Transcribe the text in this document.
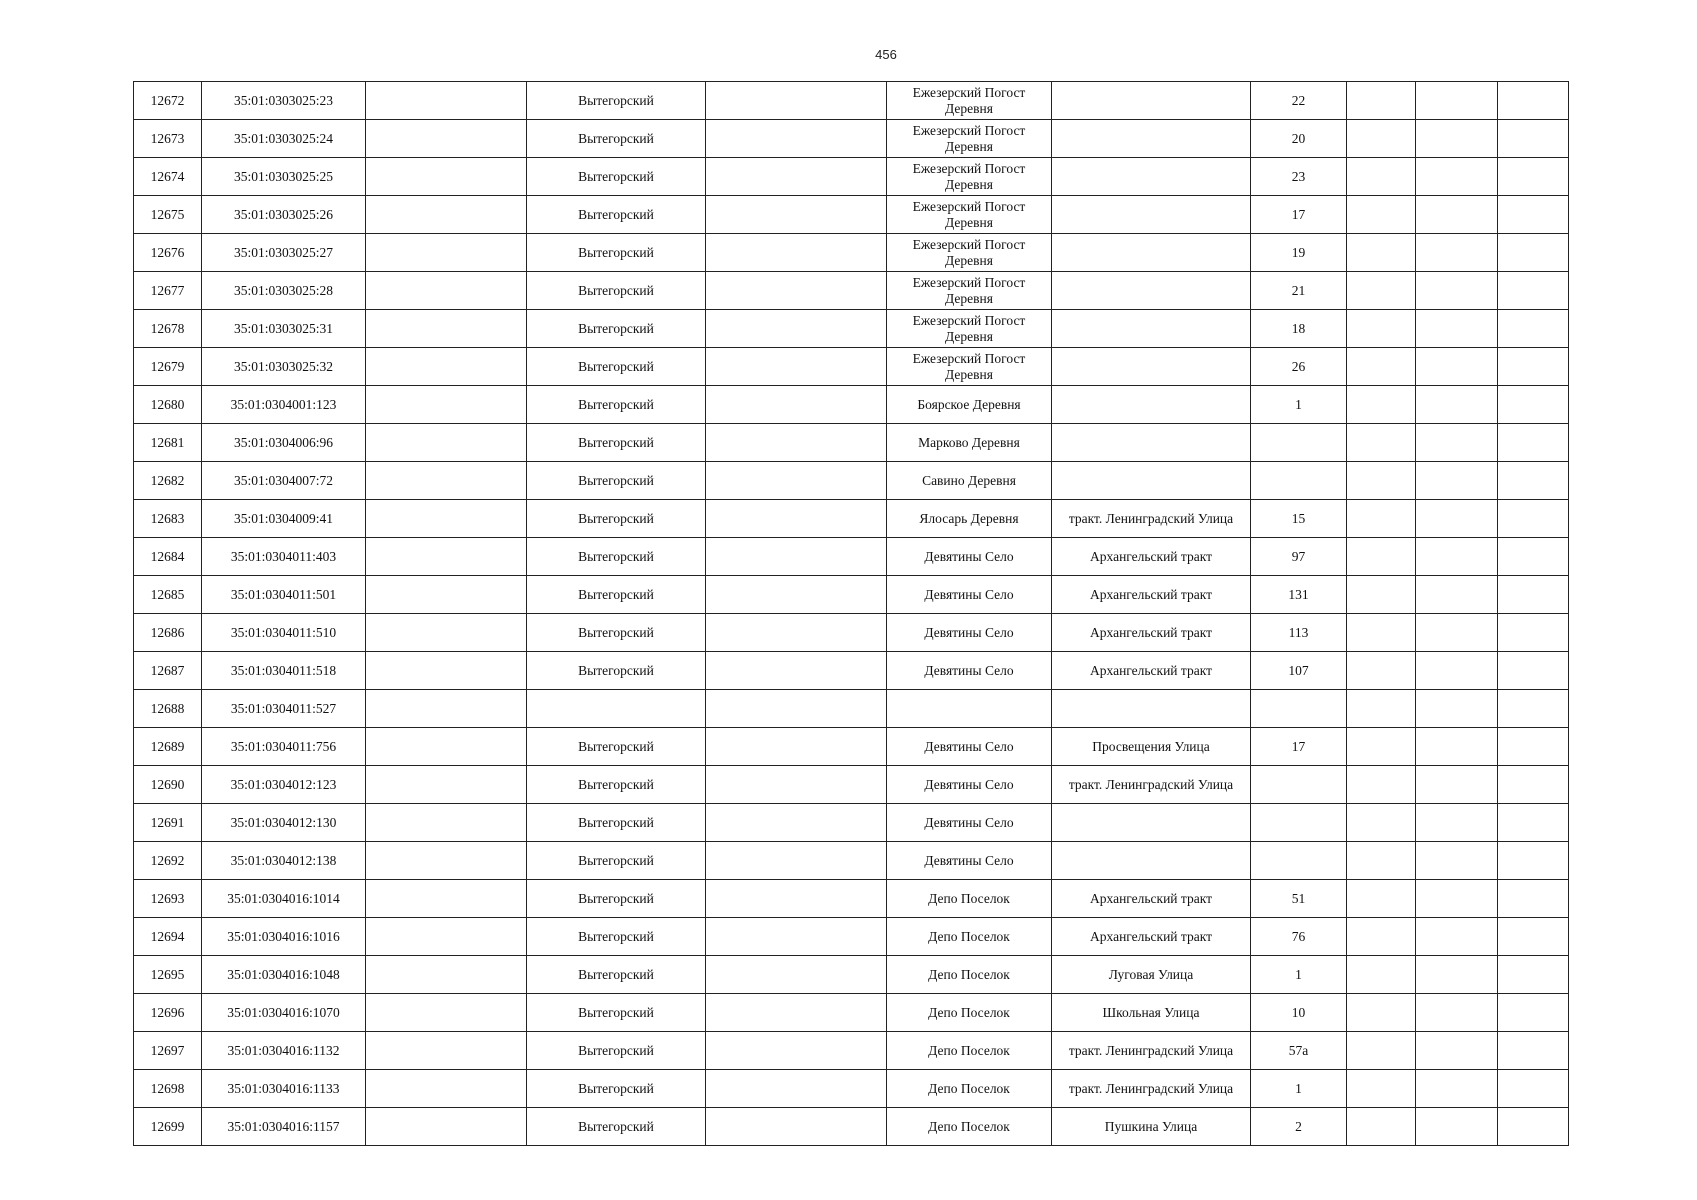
456
12672	35:01:0303025:23		Вытегорский		Ежезерский Погост Деревня		22			
12673	35:01:0303025:24		Вытегорский		Ежезерский Погост Деревня		20			
12674	35:01:0303025:25		Вытегорский		Ежезерский Погост Деревня		23			
12675	35:01:0303025:26		Вытегорский		Ежезерский Погост Деревня		17			
12676	35:01:0303025:27		Вытегорский		Ежезерский Погост Деревня		19			
12677	35:01:0303025:28		Вытегорский		Ежезерский Погост Деревня		21			
12678	35:01:0303025:31		Вытегорский		Ежезерский Погост Деревня		18			
12679	35:01:0303025:32		Вытегорский		Ежезерский Погост Деревня		26			
12680	35:01:0304001:123		Вытегорский		Боярское Деревня		1			
12681	35:01:0304006:96		Вытегорский		Марково Деревня					
12682	35:01:0304007:72		Вытегорский		Савино Деревня					
12683	35:01:0304009:41		Вытегорский		Ялосарь Деревня	тракт. Ленинградский Улица	15			
12684	35:01:0304011:403		Вытегорский		Девятины Село	Архангельский тракт	97			
12685	35:01:0304011:501		Вытегорский		Девятины Село	Архангельский тракт	131			
12686	35:01:0304011:510		Вытегорский		Девятины Село	Архангельский тракт	113			
12687	35:01:0304011:518		Вытегорский		Девятины Село	Архангельский тракт	107			
12688	35:01:0304011:527									
12689	35:01:0304011:756		Вытегорский		Девятины Село	Просвещения Улица	17			
12690	35:01:0304012:123		Вытегорский		Девятины Село	тракт. Ленинградский Улица				
12691	35:01:0304012:130		Вытегорский		Девятины Село					
12692	35:01:0304012:138		Вытегорский		Девятины Село					
12693	35:01:0304016:1014		Вытегорский		Депо Поселок	Архангельский тракт	51			
12694	35:01:0304016:1016		Вытегорский		Депо Поселок	Архангельский тракт	76			
12695	35:01:0304016:1048		Вытегорский		Депо Поселок	Луговая Улица	1			
12696	35:01:0304016:1070		Вытегорский		Депо Поселок	Школьная Улица	10			
12697	35:01:0304016:1132		Вытегорский		Депо Поселок	тракт. Ленинградский Улица	57а			
12698	35:01:0304016:1133		Вытегорский		Депо Поселок	тракт. Ленинградский Улица	1			
12699	35:01:0304016:1157		Вытегорский		Депо Поселок	Пушкина Улица	2			
